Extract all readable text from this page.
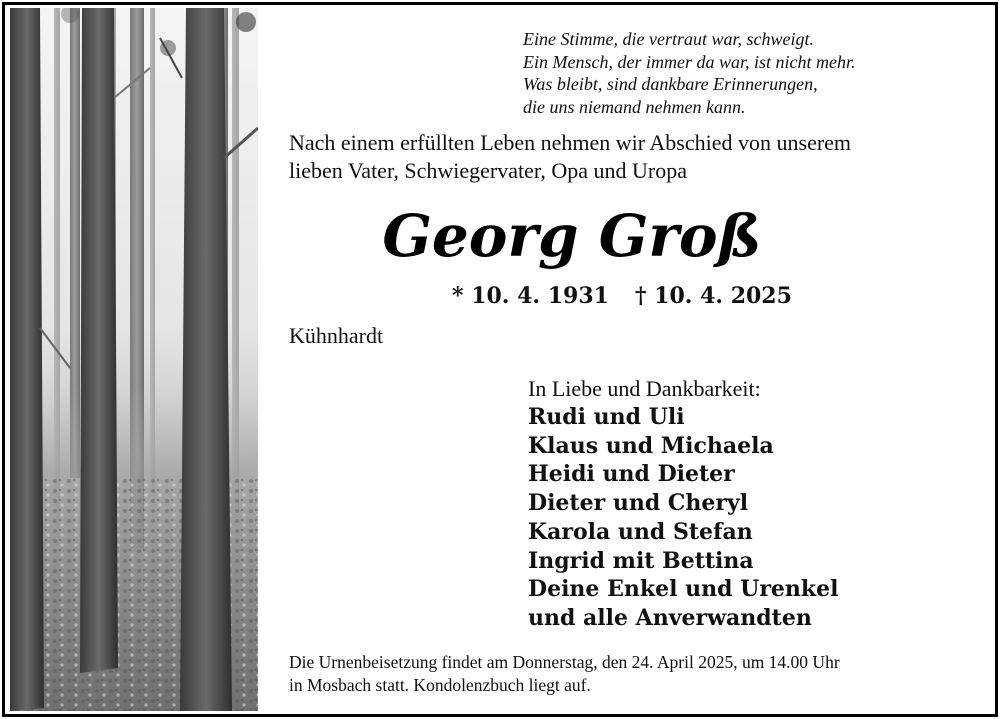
Eine Stimme, die vertraut war, schweigt.
Ein Mensch, der immer da war, ist nicht mehr.
Was bleibt, sind dankbare Erinnerungen,
die uns niemand nehmen kann.
Nach einem erfüllten Leben nehmen wir Abschied von unserem
lieben Vater, Schwiegervater, Opa und Uropa
Georg Groß
* 10. 4. 1931 † 10. 4. 2025
Kühnhardt
In Liebe und Dankbarkeit:
Rudi und Uli
Klaus und Michaela
Heidi und Dieter
Dieter und Cheryl
Karola und Stefan
Ingrid mit Bettina
Deine Enkel und Urenkel
und alle Anverwandten
Die Urnenbeisetzung findet am Donnerstag, den 24. April 2025, um 14.00 Uhr
in Mosbach statt. Kondolenzbuch liegt auf.
